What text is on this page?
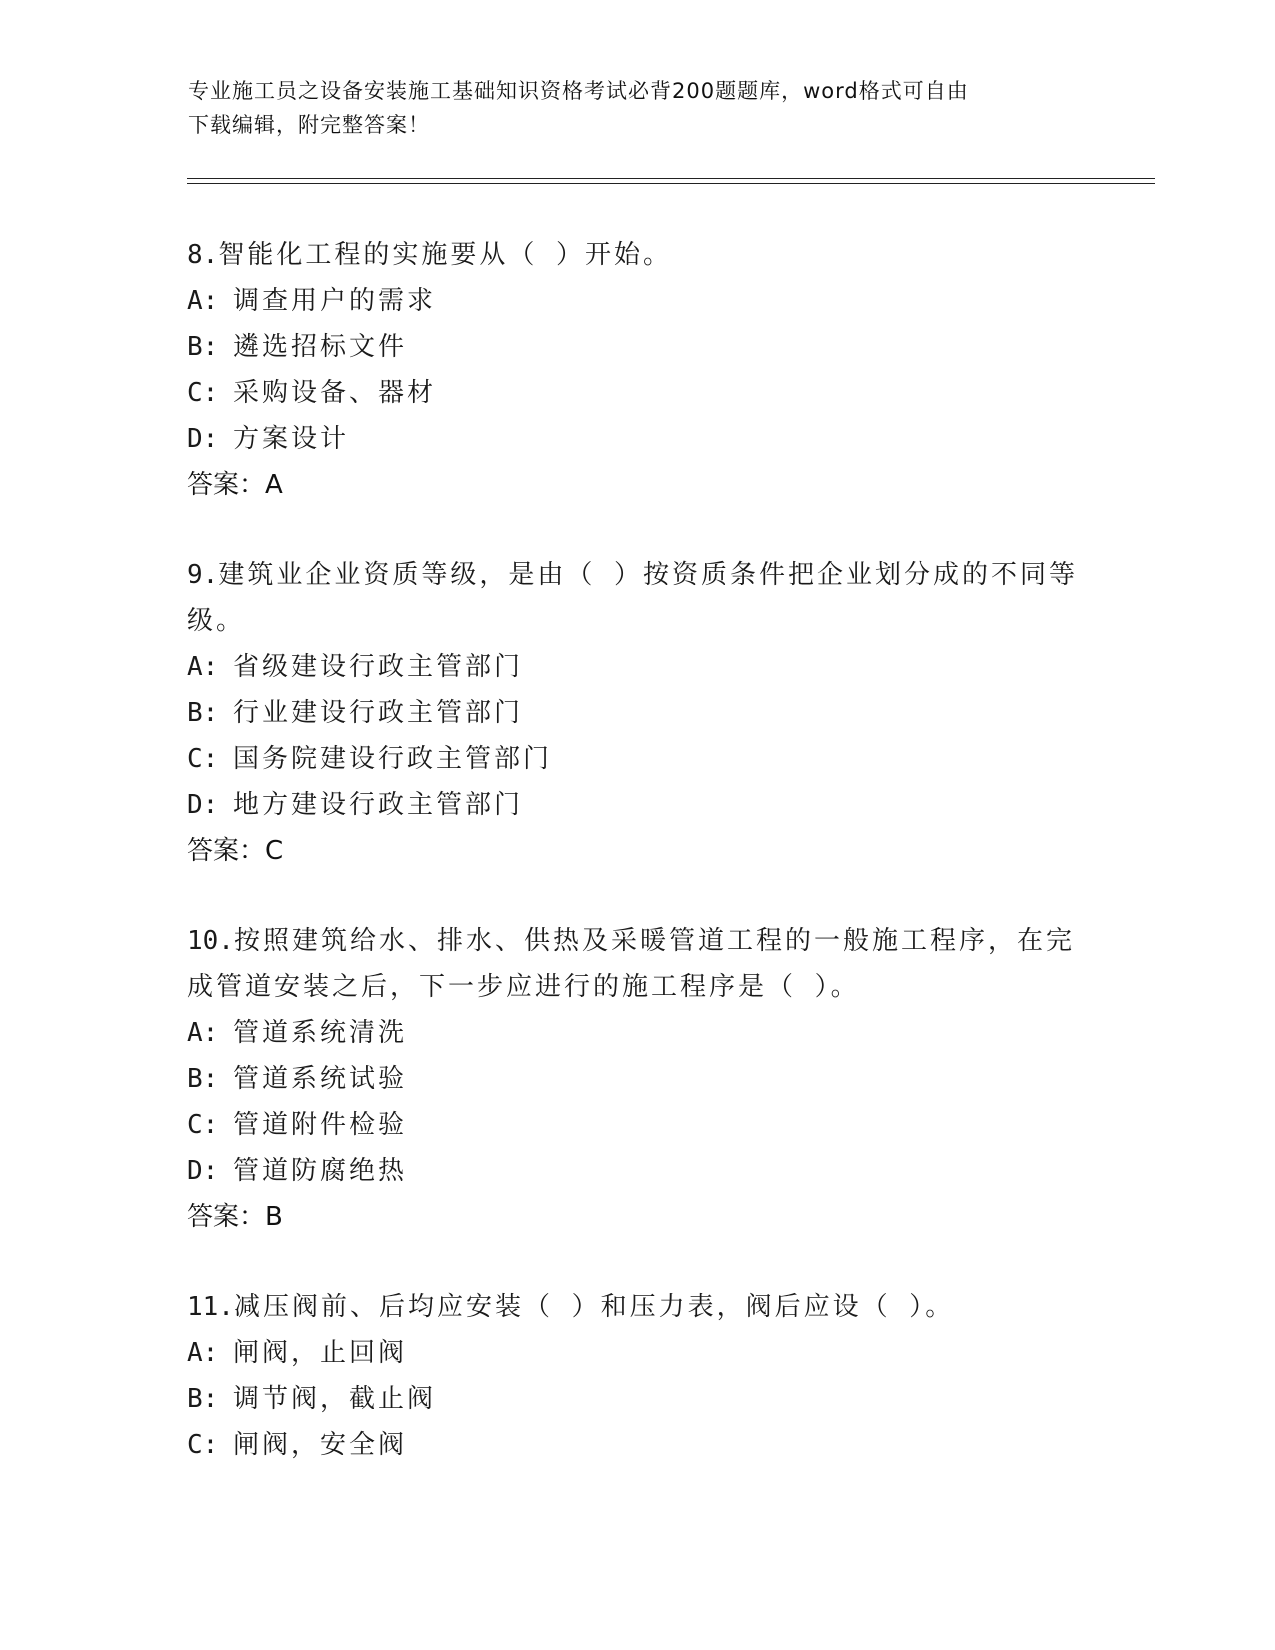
专业施工员之设备安装施工基础知识资格考试必背200题题库，word格式可自由
下载编辑，附完整答案！
8.智能化工程的实施要从（ ）开始。
A: 调查用户的需求
B: 遴选招标文件
C: 采购设备、器材
D: 方案设计
答案：A
9.建筑业企业资质等级，是由（ ）按资质条件把企业划分成的不同等
级。
A: 省级建设行政主管部门
B: 行业建设行政主管部门
C: 国务院建设行政主管部门
D: 地方建设行政主管部门
答案：C
10.按照建筑给水、排水、供热及采暖管道工程的一般施工程序，在完
成管道安装之后，下一步应进行的施工程序是（ ）。
A: 管道系统清洗
B: 管道系统试验
C: 管道附件检验
D: 管道防腐绝热
答案：B
11.减压阀前、后均应安装（ ）和压力表，阀后应设（ ）。
A: 闸阀，止回阀
B: 调节阀，截止阀
C: 闸阀，安全阀
